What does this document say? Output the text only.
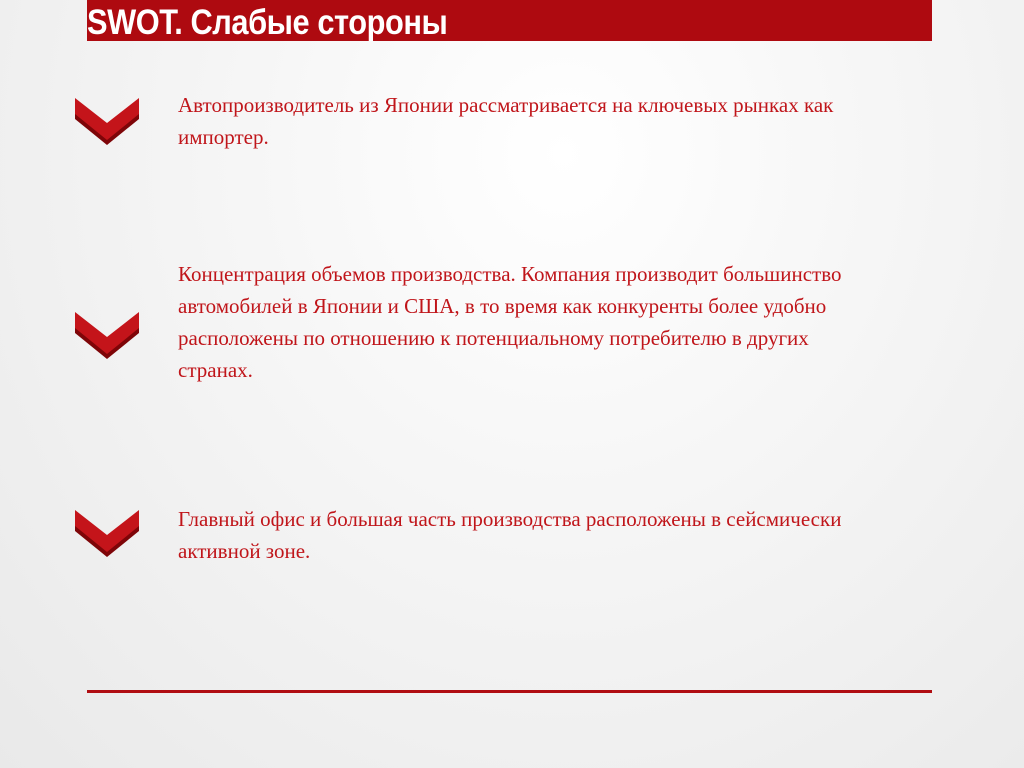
SWOT. Слабые стороны

Автопроизводитель из Японии рассматривается на ключевых рынках как импортер.

Концентрация объемов производства. Компания производит большинство автомобилей в Японии и США, в то время как конкуренты более удобно расположены по отношению к потенциальному потребителю в других странах.

Главный офис и большая часть производства расположены в сейсмически активной зоне.
